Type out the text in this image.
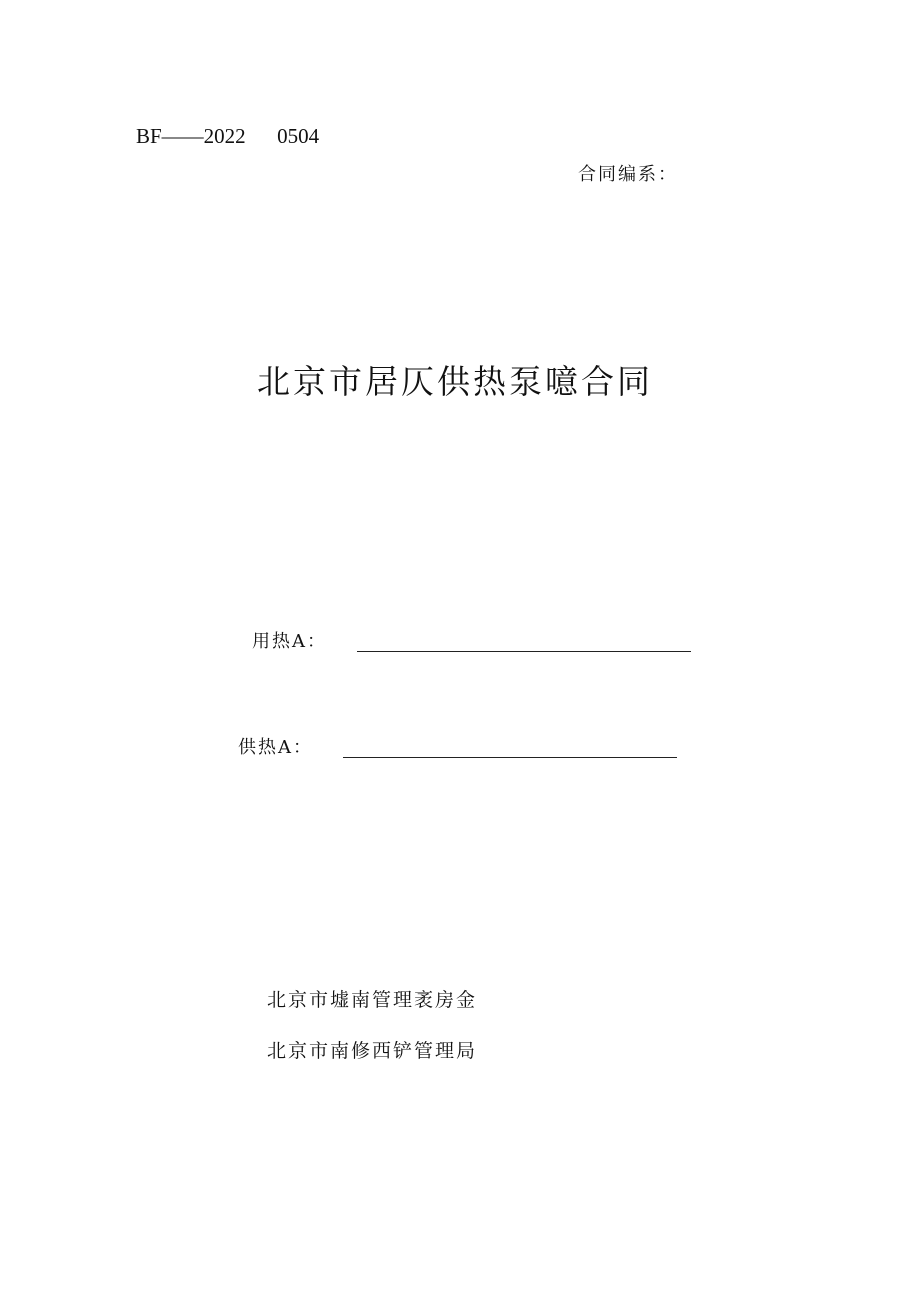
BF——2022      0504
合同编系：
北京市居仄供热泵噫合同
用热A：
供热A：
北京市墟南管理袤房金
北京市南修西铲管理局
